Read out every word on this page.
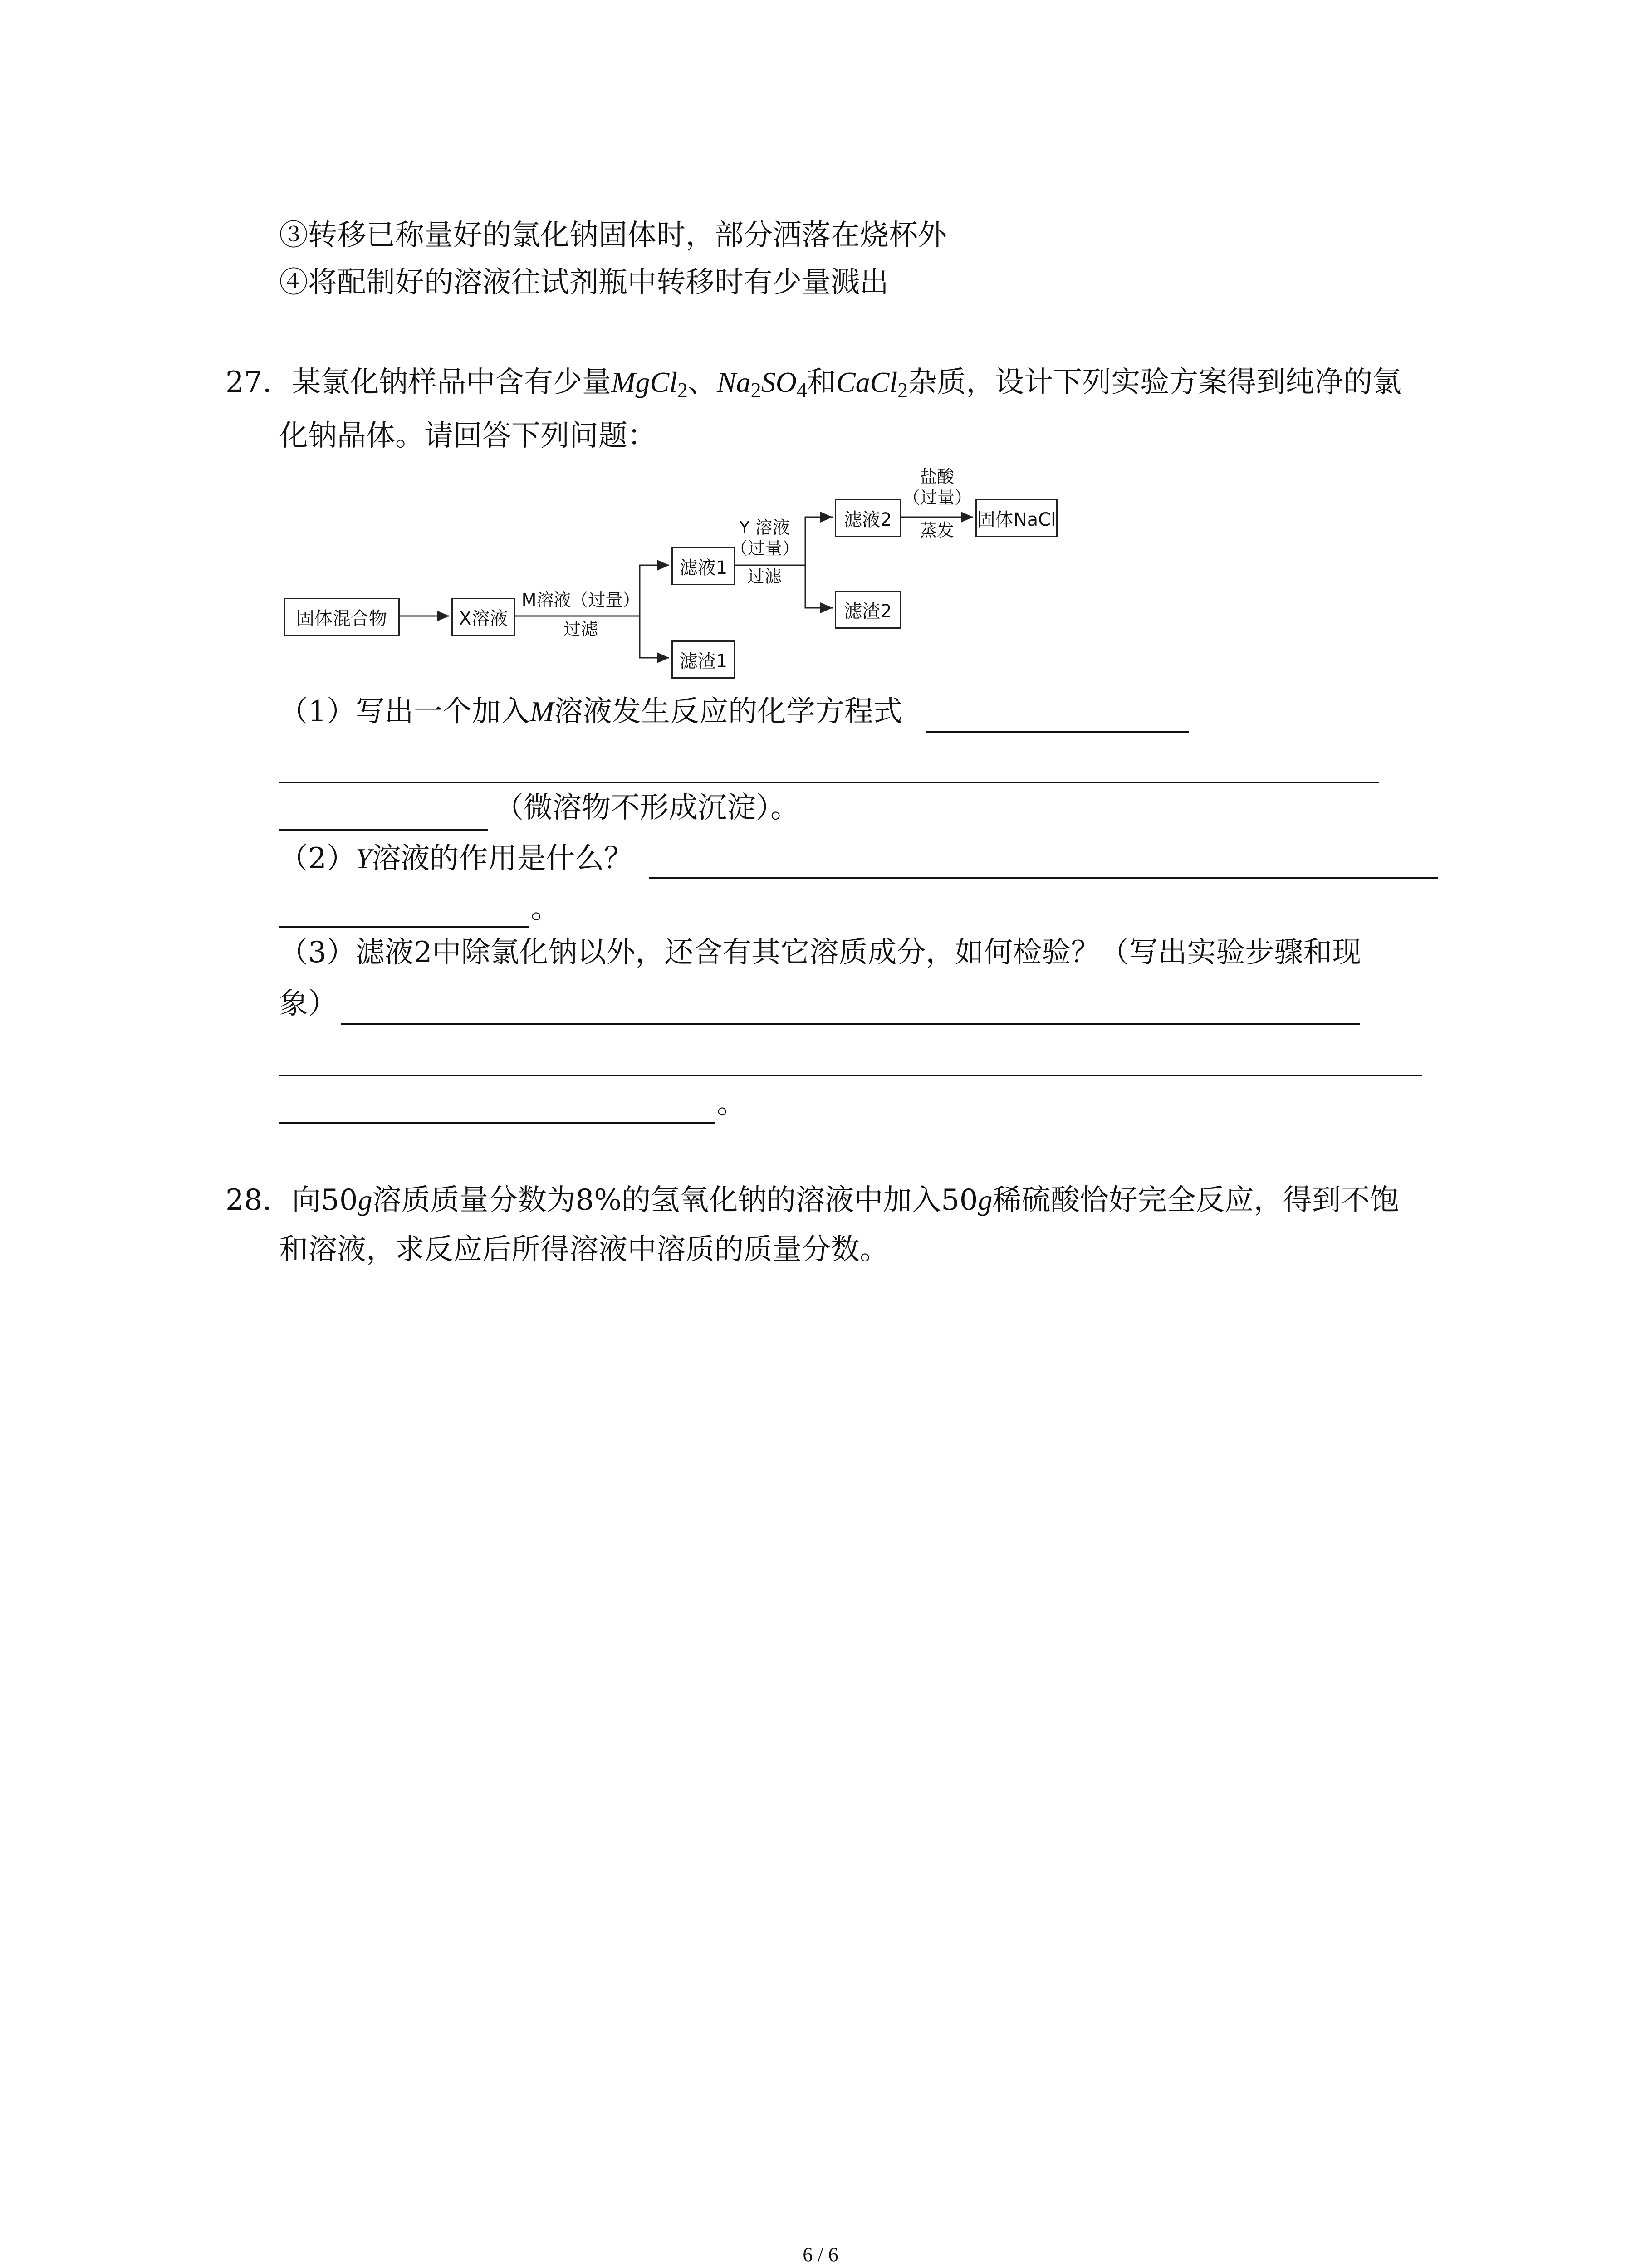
③转移已称量好的氯化钠固体时，部分洒落在烧杯外
④将配制好的溶液往试剂瓶中转移时有少量溅出
27. 某氯化钠样品中含有少量MgCl$_2$、$Na_2SO_4$和CaCl$_2$杂质，设计下列实验方案得到纯净的氯
化钠晶体。请回答下列问题：
固体混合物	X溶液
M溶液（过量）
过滤
滤液1
滤渣1
Y 溶液
（过量）
过滤
滤液2
滤渣2
盐酸
（过量）
蒸发
固体NaCl
（1）写出一个加入M溶液发生反应的化学方程式
（微溶物不形成沉淀）。
（2）Y溶液的作用是什么？
。
（3）滤液2中除氯化钠以外，还含有其它溶质成分，如何检验？（写出实验步骤和现
象）
。
28. 向50g溶质质量分数为8%的氢氧化钠的溶液中加入50g稀硫酸恰好完全反应，得到不饱
和溶液，求反应后所得溶液中溶质的质量分数。
6 / 6
